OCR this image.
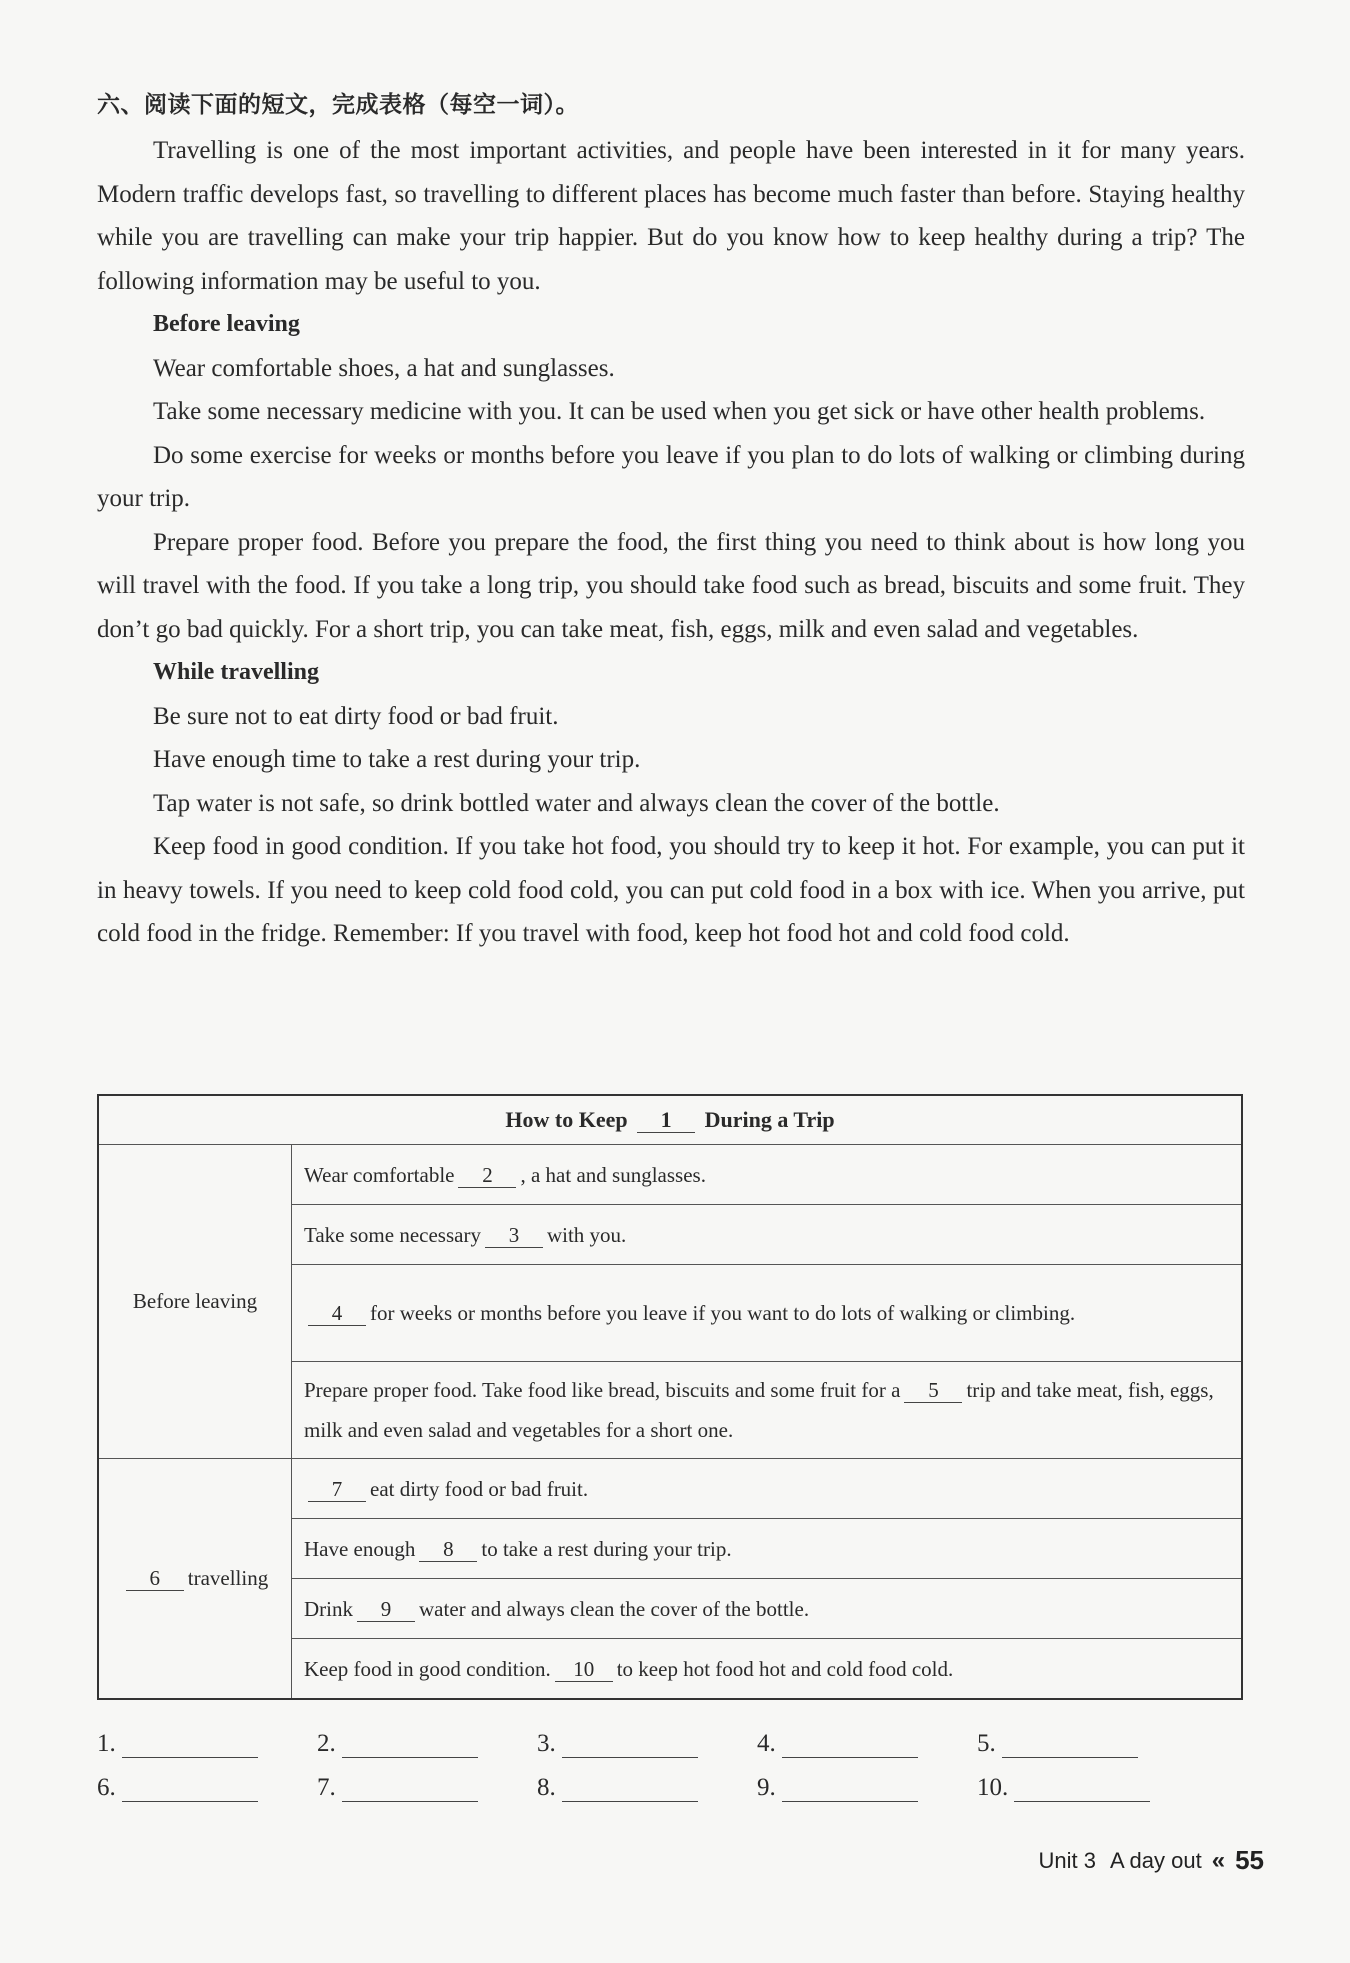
六、阅读下面的短文，完成表格（每空一词）。

Travelling is one of the most important activities, and people have been interested in it for many years. Modern traffic develops fast, so travelling to different places has become much faster than before. Staying healthy while you are travelling can make your trip happier. But do you know how to keep healthy during a trip? The following information may be useful to you.

Before leaving

Wear comfortable shoes, a hat and sunglasses.

Take some necessary medicine with you. It can be used when you get sick or have other health problems.

Do some exercise for weeks or months before you leave if you plan to do lots of walking or climbing during your trip.

Prepare proper food. Before you prepare the food, the first thing you need to think about is how long you will travel with the food. If you take a long trip, you should take food such as bread, biscuits and some fruit. They don’t go bad quickly. For a short trip, you can take meat, fish, eggs, milk and even salad and vegetables.

While travelling

Be sure not to eat dirty food or bad fruit.

Have enough time to take a rest during your trip.

Tap water is not safe, so drink bottled water and always clean the cover of the bottle.

Keep food in good condition. If you take hot food, you should try to keep it hot. For example, you can put it in heavy towels. If you need to keep cold food cold, you can put cold food in a box with ice. When you arrive, put cold food in the fridge. Remember: If you travel with food, keep hot food hot and cold food cold.

How to Keep 1 During a Trip	
Before leaving	Wear comfortable 2 , a hat and sunglasses.
	Take some necessary 3 with you.
	4 for weeks or months before you leave if you want to do lots of walking or climbing.
	Prepare proper food. Take food like bread, biscuits and some fruit for a 5 trip and take meat, fish, eggs, milk and even salad and vegetables for a short one.
6 travelling	7 eat dirty food or bad fruit.
	Have enough 8 to take a rest during your trip.
	Drink 9 water and always clean the cover of the bottle.
	Keep food in good condition. 10 to keep hot food hot and cold food cold.
1.	2.	3.	4.	5.
6.	7.	8.	9.	10.
Unit 3 A day out « 55
